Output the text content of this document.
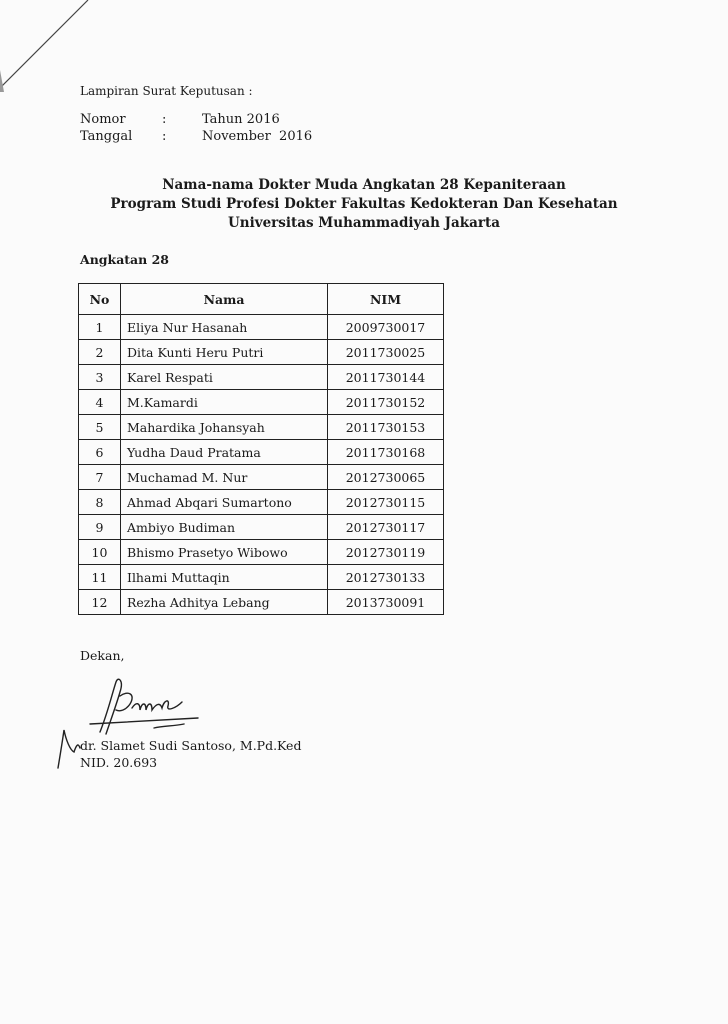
Lampiran Surat Keputusan :
Nomor	:	Tahun 2016
Tanggal	:	November  2016
Nama-nama Dokter Muda Angkatan 28 Kepaniteraan
Program Studi Profesi Dokter Fakultas Kedokteran Dan Kesehatan
Universitas Muhammadiyah Jakarta
Angkatan 28
No	Nama	NIM
1	Eliya Nur Hasanah	2009730017
2	Dita Kunti Heru Putri	2011730025
3	Karel Respati	2011730144
4	M.Kamardi	2011730152
5	Mahardika Johansyah	2011730153
6	Yudha Daud Pratama	2011730168
7	Muchamad M. Nur	2012730065
8	Ahmad Abqari Sumartono	2012730115
9	Ambiyo Budiman	2012730117
10	Bhismo Prasetyo Wibowo	2012730119
11	Ilhami Muttaqin	2012730133
12	Rezha Adhitya Lebang	2013730091
Dekan,
dr. Slamet Sudi Santoso, M.Pd.Ked
NID. 20.693
